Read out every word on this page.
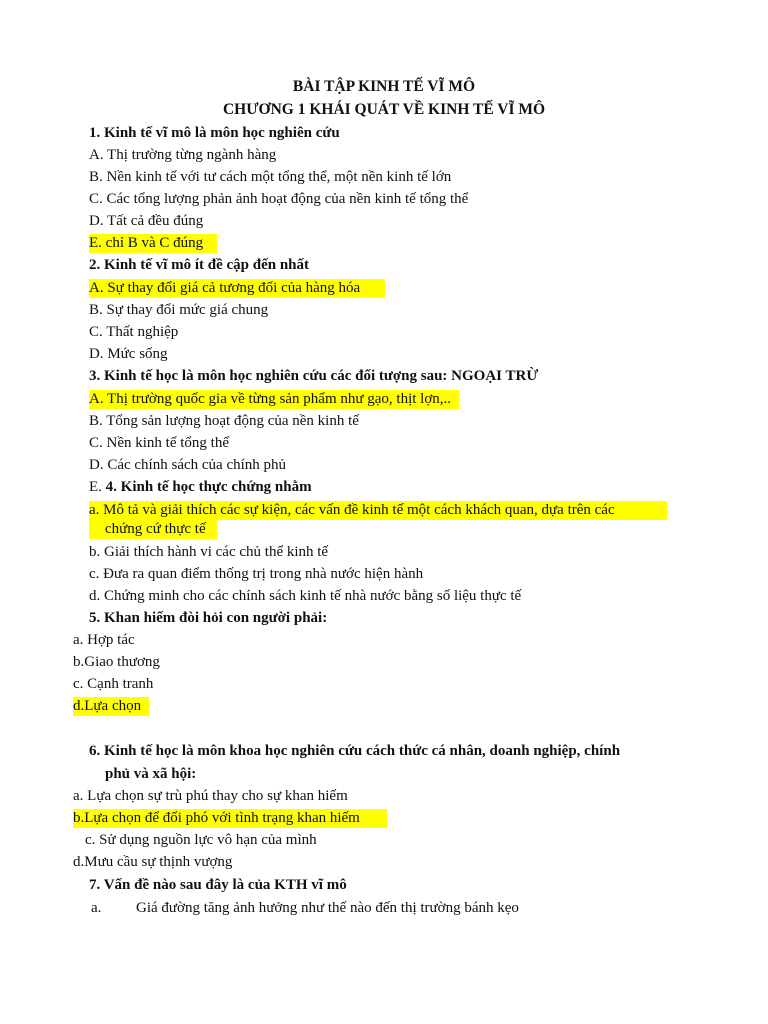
BÀI TẬP KINH TẾ VĨ MÔ
CHƯƠNG 1 KHÁI QUÁT VỀ KINH TẾ VĨ MÔ
1. Kinh tế vĩ mô là môn học nghiên cứu
A. Thị trường từng ngành hàng
B. Nền kinh tế với tư cách một tổng thể, một nền kinh tế lớn
C. Các tổng lượng phản ảnh hoạt động của nền kinh tế tổng thể
D. Tất cả đều đúng
E. chỉ B và C đúng
2. Kinh tế vĩ mô ít đề cập đến nhất
A. Sự thay đổi giá cả tương đối của hàng hóa
B. Sự thay đổi mức giá chung
C. Thất nghiệp
D. Mức sống
3. Kinh tế học là môn học nghiên cứu các đối tượng sau: NGOẠI TRỪ
A. Thị trường quốc gia về từng sản phẩm như gạo, thịt lợn,..
B. Tổng sản lượng hoạt động của nền kinh tế
C. Nền kinh tế tổng thể
D. Các chính sách của chính phủ
E. 4. Kinh tế học thực chứng nhằm
a. Mô tả và giải thích các sự kiện, các vấn đề kinh tế một cách khách quan, dựa trên các
chứng cứ thực tế
b. Giải thích hành vi các chủ thể kinh tế
c. Đưa ra quan điểm thống trị trong nhà nước hiện hành
d. Chứng minh cho các chính sách kinh tế nhà nước bằng số liệu thực tế
5. Khan hiếm đòi hỏi con người phải:
a. Hợp tác
b.Giao thương
c. Cạnh tranh
d.Lựa chọn
6. Kinh tế học là môn khoa học nghiên cứu cách thức cá nhân, doanh nghiệp, chính
phủ và xã hội:
a. Lựa chọn sự trù phú thay cho sự khan hiếm
b.Lựa chọn để đối phó với tình trạng khan hiếm
c. Sử dụng nguồn lực vô hạn của mình
d.Mưu cầu sự thịnh vượng
7. Vấn đề nào sau đây là của KTH vĩ mô
a. Giá đường tăng ảnh hưởng như thế nào đến thị trường bánh kẹo
